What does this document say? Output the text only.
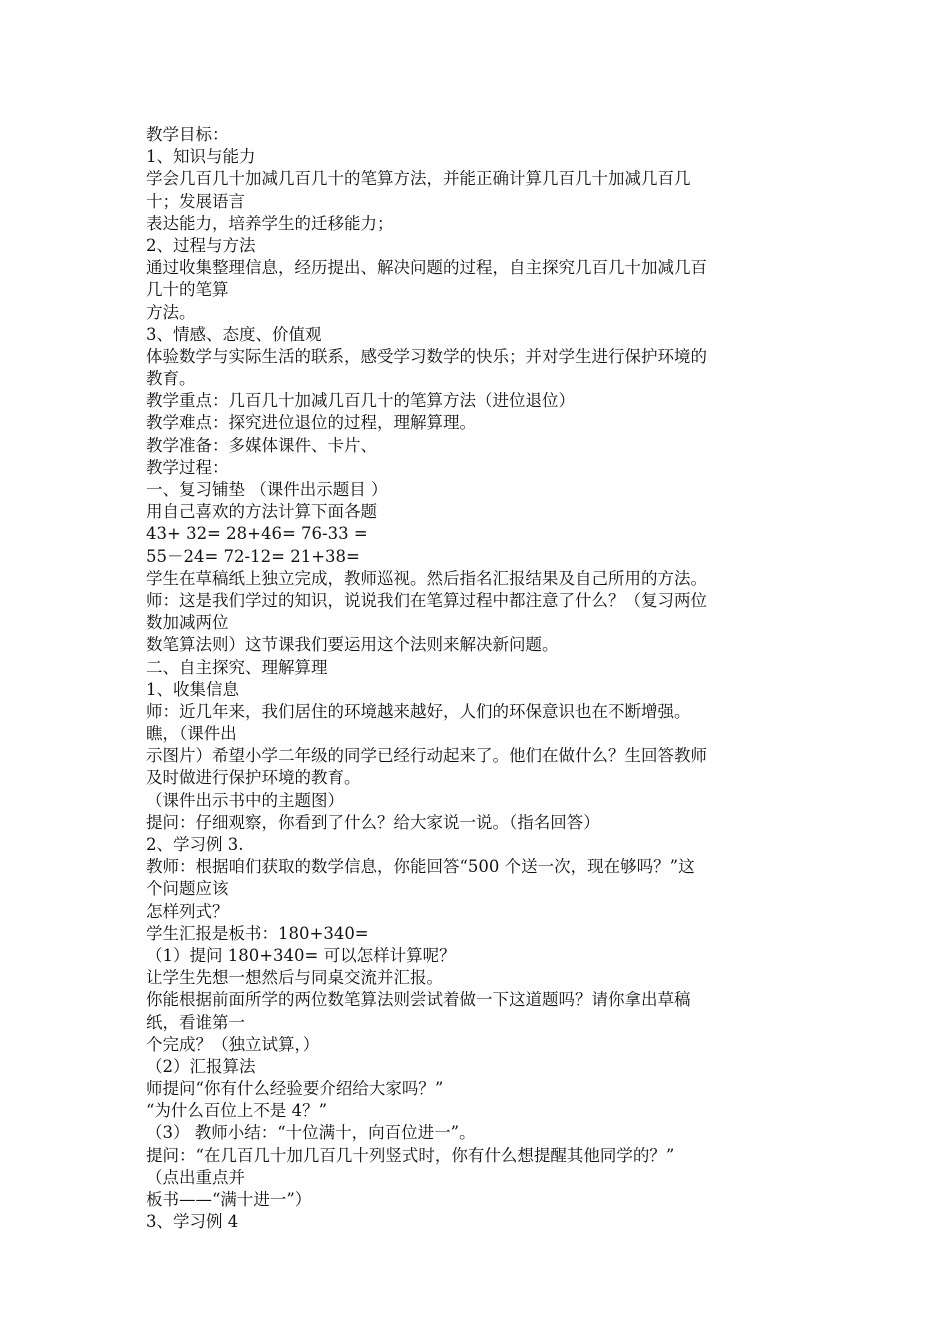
教学目标：
1、知识与能力
学会几百几十加减几百几十的笔算方法，并能正确计算几百几十加减几百几
十；发展语言
表达能力，培养学生的迁移能力；
2、过程与方法
通过收集整理信息，经历提出、解决问题的过程，自主探究几百几十加减几百
几十的笔算
方法。
3、情感、态度、价值观
体验数学与实际生活的联系，感受学习数学的快乐；并对学生进行保护环境的
教育。
教学重点：几百几十加减几百几十的笔算方法（进位退位）
教学难点：探究进位退位的过程，理解算理。
教学准备：多媒体课件、卡片、
教学过程：
一、复习铺垫 （课件出示题目 ）
用自己喜欢的方法计算下面各题
43+ 32= 28+46= 76-33 =
55－24= 72-12= 21+38=
学生在草稿纸上独立完成，教师巡视。然后指名汇报结果及自己所用的方法。
师：这是我们学过的知识，说说我们在笔算过程中都注意了什么？（复习两位
数加减两位
数笔算法则）这节课我们要运用这个法则来解决新问题。
二、自主探究、理解算理
1、收集信息
师：近几年来，我们居住的环境越来越好，人们的环保意识也在不断增强。
瞧，（课件出
示图片）希望小学二年级的同学已经行动起来了。他们在做什么？生回答教师
及时做进行保护环境的教育。
（课件出示书中的主题图）
提问：仔细观察，你看到了什么？给大家说一说。（指名回答）
2、学习例 3.
教师：根据咱们获取的数学信息，你能回答“500 个送一次，现在够吗？”这
个问题应该
怎样列式？
学生汇报是板书：180+340=
（1）提问 180+340= 可以怎样计算呢？
让学生先想一想然后与同桌交流并汇报。
你能根据前面所学的两位数笔算法则尝试着做一下这道题吗？请你拿出草稿
纸，看谁第一
个完成？（独立试算，）
（2）汇报算法
师提问“你有什么经验要介绍给大家吗？”
“为什么百位上不是 4？”
（3） 教师小结：“十位满十，向百位进一”。
提问：“在几百几十加几百几十列竖式时，你有什么想提醒其他同学的？”
（点出重点并
板书——“满十进一”）
3、学习例 4
